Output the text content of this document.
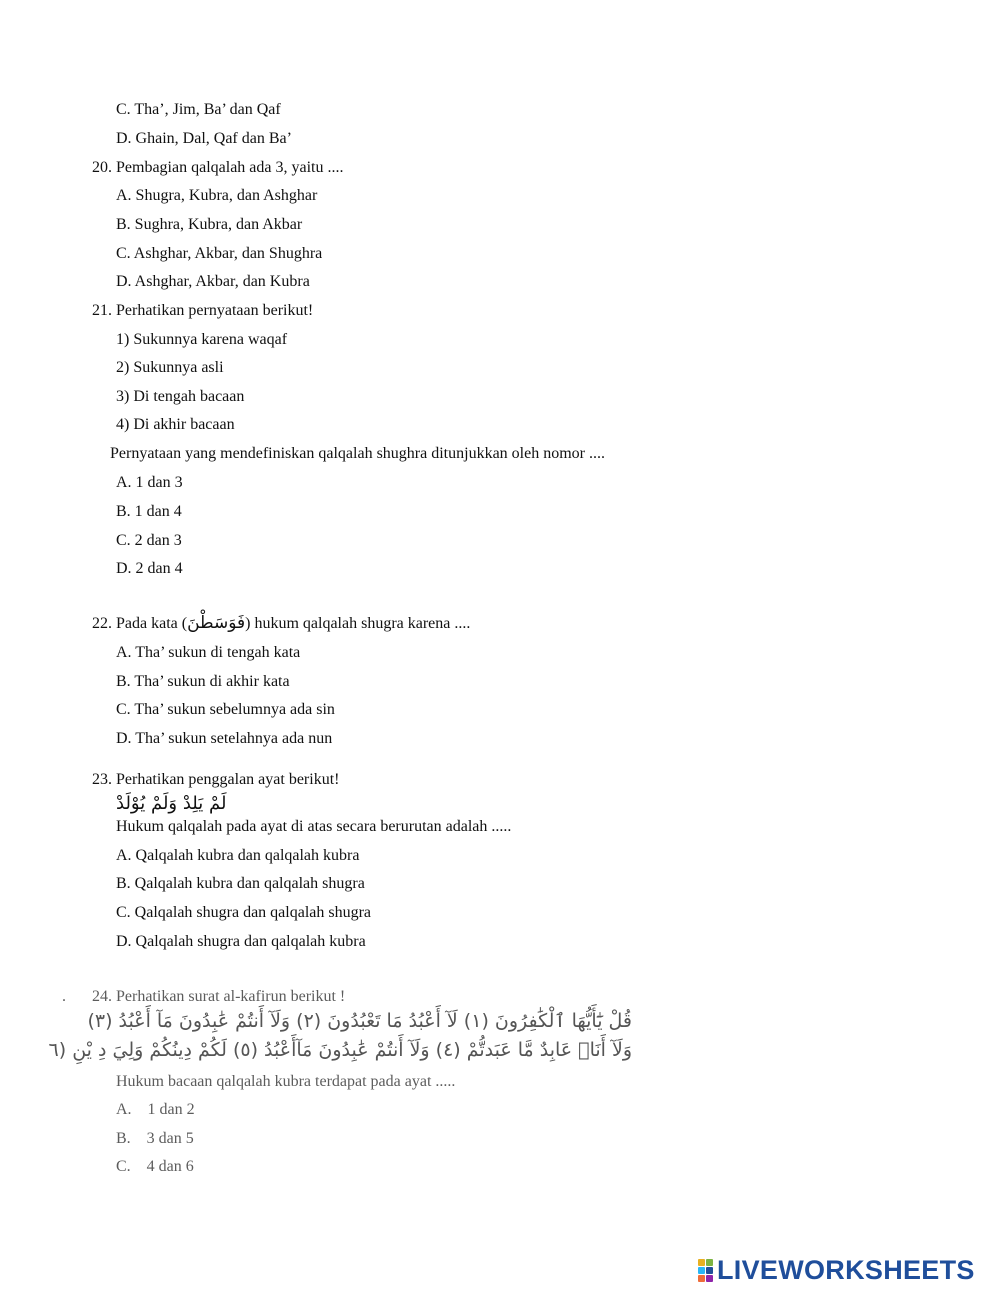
C. Tha’, Jim, Ba’ dan Qaf
D. Ghain, Dal, Qaf dan Ba’
20. Pembagian qalqalah ada 3, yaitu ....
A. Shugra, Kubra, dan Ashghar
B. Sughra, Kubra, dan Akbar
C. Ashghar, Akbar, dan Shughra
D. Ashghar, Akbar, dan Kubra
21. Perhatikan pernyataan berikut!
1) Sukunnya karena waqaf
2) Sukunnya asli
3) Di tengah bacaan
4) Di akhir bacaan
Pernyataan yang mendefiniskan qalqalah shughra ditunjukkan oleh nomor ....
A. 1 dan 3
B. 1 dan 4
C. 2 dan 3
D. 2 dan 4
22. Pada kata (فَوَسَطْنَ) hukum qalqalah shugra karena ....
A. Tha’ sukun di tengah kata
B. Tha’ sukun di akhir kata
C. Tha’ sukun sebelumnya ada sin
D. Tha’ sukun setelahnya ada nun
23. Perhatikan penggalan ayat berikut!
لَمْ يَلِدْ وَلَمْ يُوْلَدْ
Hukum qalqalah pada ayat di atas secara berurutan adalah .....
A. Qalqalah kubra dan qalqalah kubra
B. Qalqalah kubra dan qalqalah shugra
C. Qalqalah shugra dan qalqalah shugra
D. Qalqalah shugra dan qalqalah kubra
. 24. Perhatikan surat al-kafirun berikut !
قُلْ يَٰٓأَيُّهَا ٱلْكَٰفِرُونَ (١) لَآ أَعْبُدُ مَا تَعْبُدُونَ (٢) وَلَآ أَنتُمْ عَٰبِدُونَ مَآ أَعْبُدُ (٣)
وَلَآ أَنَا۠ عَابِدٌ مَّا عَبَدتُّمْ (٤) وَلَآ أَنتُمْ عَٰبِدُونَ مَآأَعْبُدُ (٥) لَكُمْ دِينُكُمْ وَلِيَ دِ يْنِ (٦
Hukum bacaan qalqalah kubra terdapat pada ayat .....
A.    1 dan 2
B.    3 dan 5
C.    4 dan 6
LIVEWORKSHEETS
